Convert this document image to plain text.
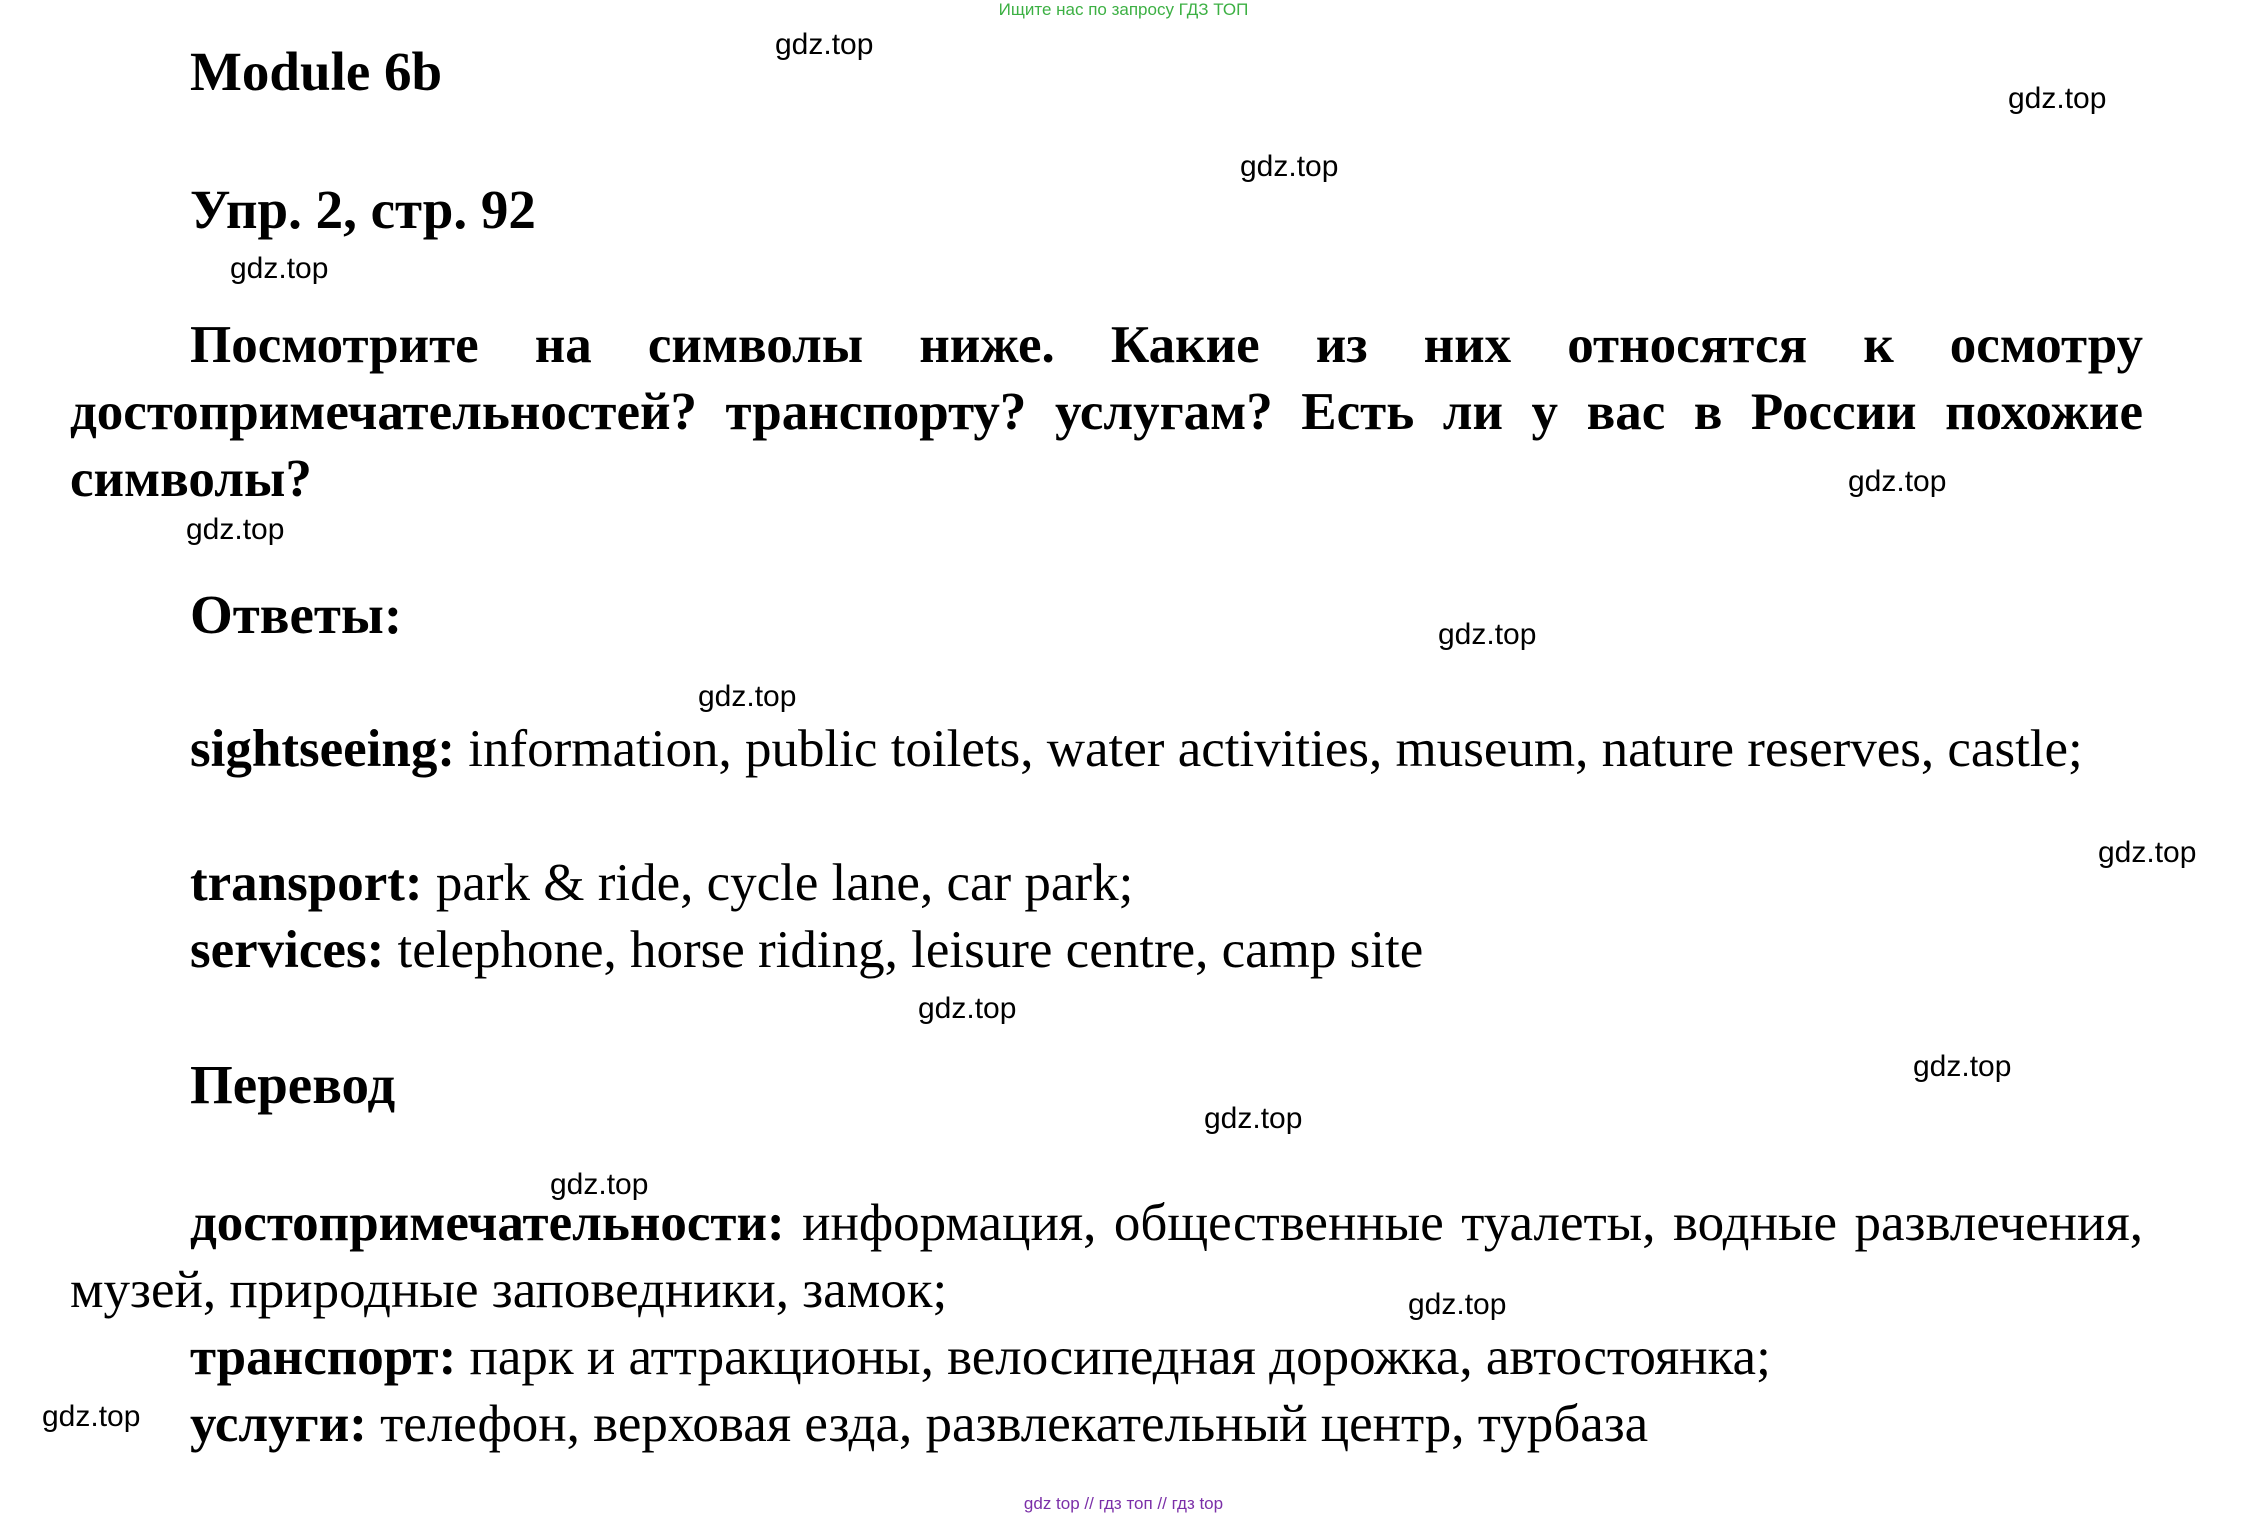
Ищите нас по запросу ГДЗ ТОП
Module 6b
Упр. 2, стр. 92
Посмотрите на символы ниже. Какие из них относятся к осмотру достопримечательностей? транспорту? услугам? Есть ли у вас в России похожие символы?
Ответы:
sightseeing: information, public toilets, water activities, museum, nature reserves, castle;
transport: park & ride, cycle lane, car park;
services: telephone, horse riding, leisure centre, camp site
Перевод
достопримечательности: информация, общественные туалеты, водные развлечения, музей, природные заповедники, замок;
транспорт: парк и аттракционы, велосипедная дорожка, автостоянка;
услуги: телефон, верховая езда, развлекательный центр, турбаза
gdz.top
gdz.top
gdz.top
gdz.top
gdz.top
gdz.top
gdz.top
gdz.top
gdz.top
gdz.top
gdz.top
gdz.top
gdz.top
gdz.top
gdz.top
gdz top // гдз топ // гдз top
